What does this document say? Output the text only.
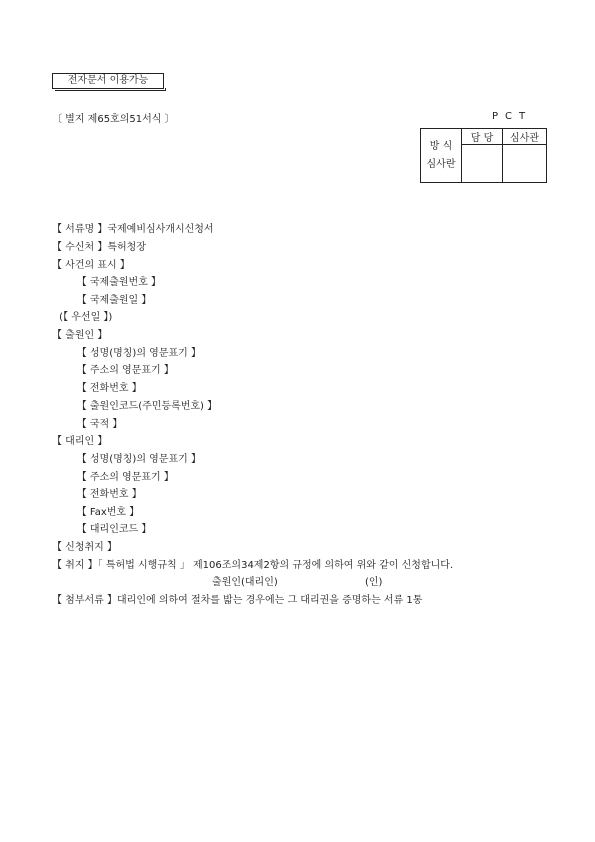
전자문서 이용가능
〔 별지 제65호의51서식 〕	PCT
방 식
심사란	담 당	심사관

【 서류명 】국제예비심사개시신청서
【 수신처 】특허청장
【 사건의 표시 】
【 국제출원번호 】
【 국제출원일 】
(【 우선일 】)
【 출원인 】
【 성명(명칭)의 영문표기 】
【 주소의 영문표기 】
【 전화번호 】
【 출원인코드(주민등록번호) 】
【 국적 】
【 대리인 】
【 성명(명칭)의 영문표기 】
【 주소의 영문표기 】
【 전화번호 】
【 Fax번호 】
【 대리인코드 】
【 신청취지 】
【 취지 】「 특허법 시행규칙 」 제106조의34제2항의 규정에 의하여 위와 같이 신청합니다.
출원인(대리인)	(인)
【 첨부서류 】대리인에 의하여 절차를 밟는 경우에는 그 대리권을 증명하는 서류 1통
